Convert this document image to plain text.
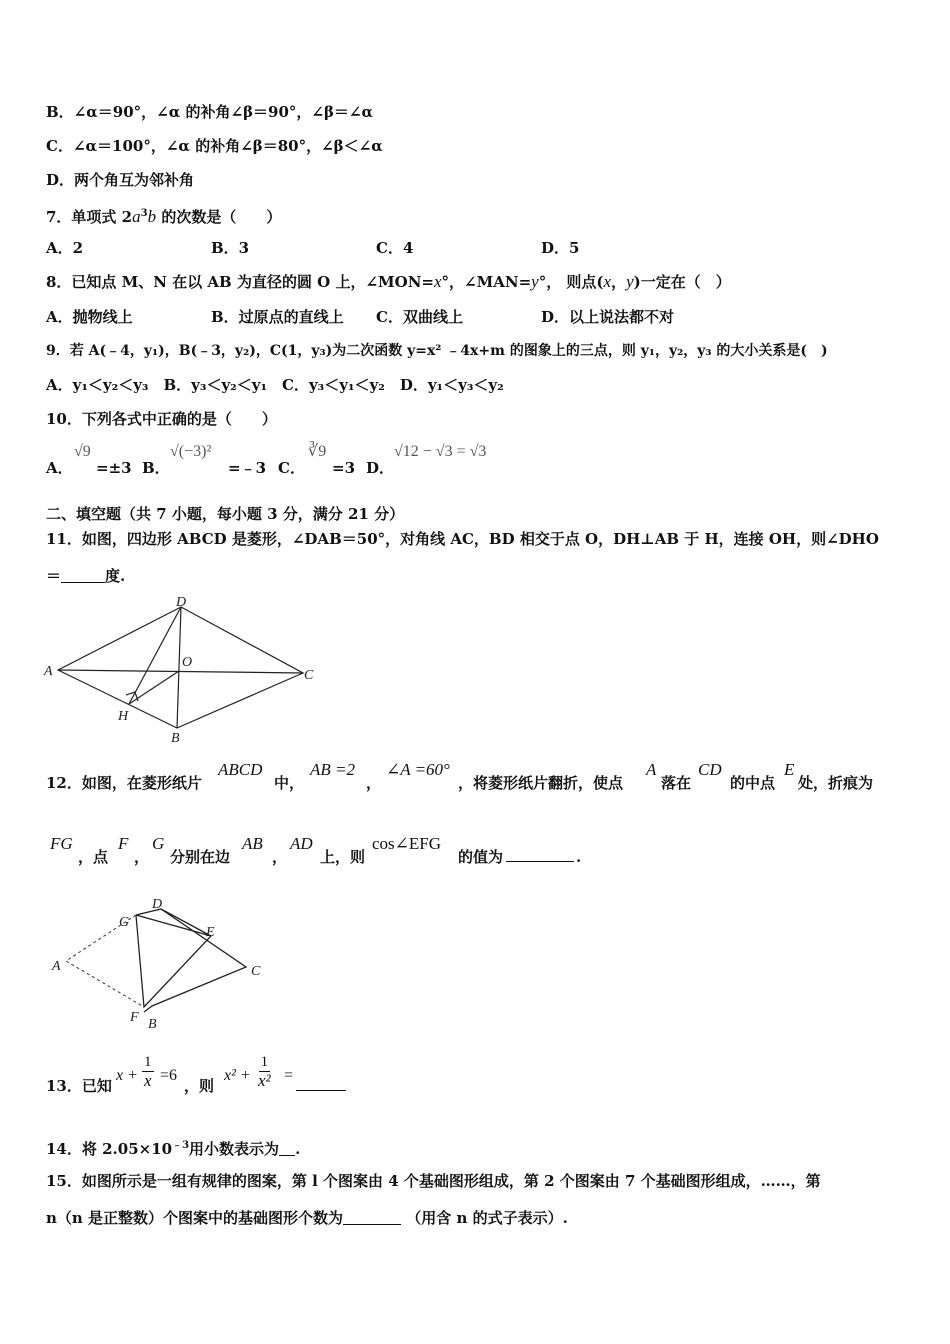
B．∠α＝90°，∠α 的补角∠β＝90°，∠β＝∠α
C．∠α＝100°，∠α 的补角∠β＝80°，∠β＜∠α
D．两个角互为邻补角
7．单项式 $2a^3b$ 的次数是（　　）
A．2	B．3	C．4	D．5
8．已知点 M、N 在以 AB 为直径的圆 O 上，∠MON=x°，∠MAN=y°， 则点(x，y)一定在（　）
A．抛物线上	B．过原点的直线上 C．双曲线上	D．以上说法都不对
9．若 A(﹣4，y₁)，B(﹣3，y₂)，C(1，y₃)为二次函数 y=x² ﹣4x+m 的图象上的三点，则 y₁，y₂，y₃ 的大小关系是(　)
A．y₁＜y₂＜y₃　B．y₃＜y₂＜y₁　C．y₃＜y₁＜y₂　D．y₁＜y₃＜y₂
10．下列各式中正确的是（　　）
A．
√9
=±3 B．
√(−3)²
=﹣3 C．
∛9
=3 D．
√12 − √3 = √3
二、填空题（共 7 小题，每小题 3 分，满分 21 分）
11．如图，四边形 ABCD 是菱形，∠DAB＝50°，对角线 AC，BD 相交于点 O，DH⊥AB 于 H，连接 OH，则∠DHO
＝	度.
A
D
C
B
O
H
12．如图，在菱形纸片
ABCD
中，
AB =2
，
∠A =60°
，将菱形纸片翻折，使点
A
落在
CD
的中点
E
处，折痕为
FG
，点
F
，
G
分别在边
AB
，
AD
上，则
cos∠EFG
的值为	.
G
D
E
C
A
F B
13．已知
$x + \frac{1}{x} =6$
，则
$x^2 + \frac{1}{\text{x²}}$ =
14．将 $2.05\times 10^{﹣3}$用小数表示为 .
15．如图所示是一组有规律的图案，第 l 个图案由 4 个基础图形组成，第 2 个图案由 7 个基础图形组成，……，第
n（n 是正整数）个图案中的基础图形个数为	（用含 n 的式子表示）.
